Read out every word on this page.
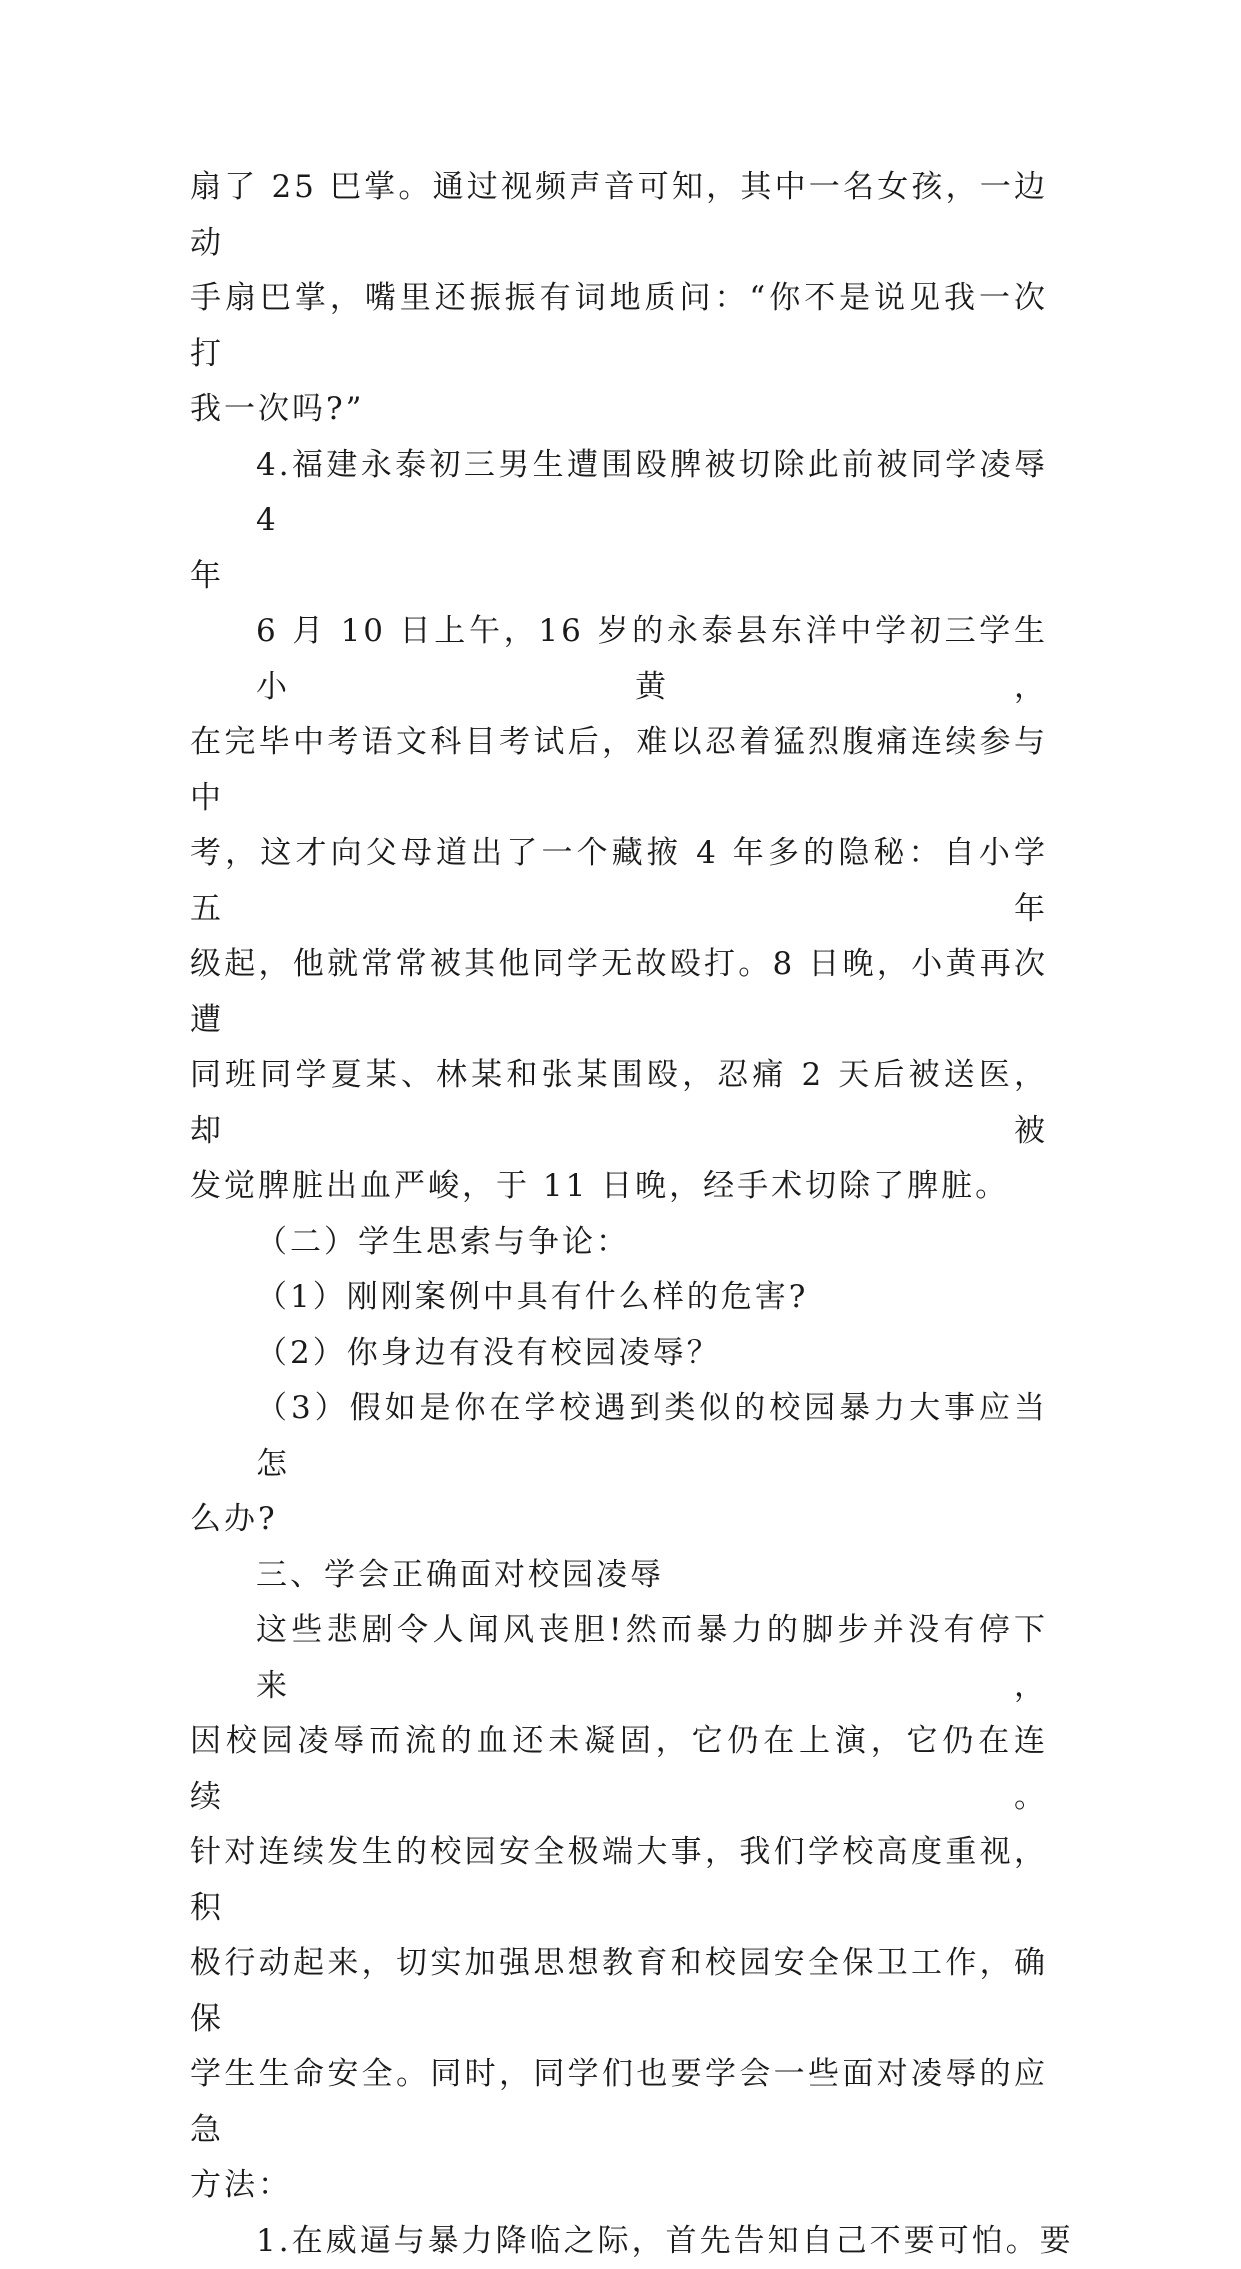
扇了 25 巴掌。通过视频声音可知，其中一名女孩，一边动
手扇巴掌，嘴里还振振有词地质问：“你不是说见我一次打
我一次吗?”

4.福建永泰初三男生遭围殴脾被切除此前被同学凌辱 4
年

6 月 10 日上午，16 岁的永泰县东洋中学初三学生小黄，
在完毕中考语文科目考试后，难以忍着猛烈腹痛连续参与中
考，这才向父母道出了一个藏掖 4 年多的隐秘：自小学五年
级起，他就常常被其他同学无故殴打。8 日晚，小黄再次遭
同班同学夏某、林某和张某围殴，忍痛 2 天后被送医，却被
发觉脾脏出血严峻，于 11 日晚，经手术切除了脾脏。

（二）学生思索与争论：

（1）刚刚案例中具有什么样的危害?

（2）你身边有没有校园凌辱？

（3）假如是你在学校遇到类似的校园暴力大事应当怎
么办?

三、学会正确面对校园凌辱

这些悲剧令人闻风丧胆!然而暴力的脚步并没有停下来，
因校园凌辱而流的血还未凝固，它仍在上演，它仍在连续。
针对连续发生的校园安全极端大事，我们学校高度重视，积
极行动起来，切实加强思想教育和校园安全保卫工作，确保
学生生命安全。同时，同学们也要学会一些面对凌辱的应急
方法：

1.在威逼与暴力降临之际，首先告知自己不要可怕。要
